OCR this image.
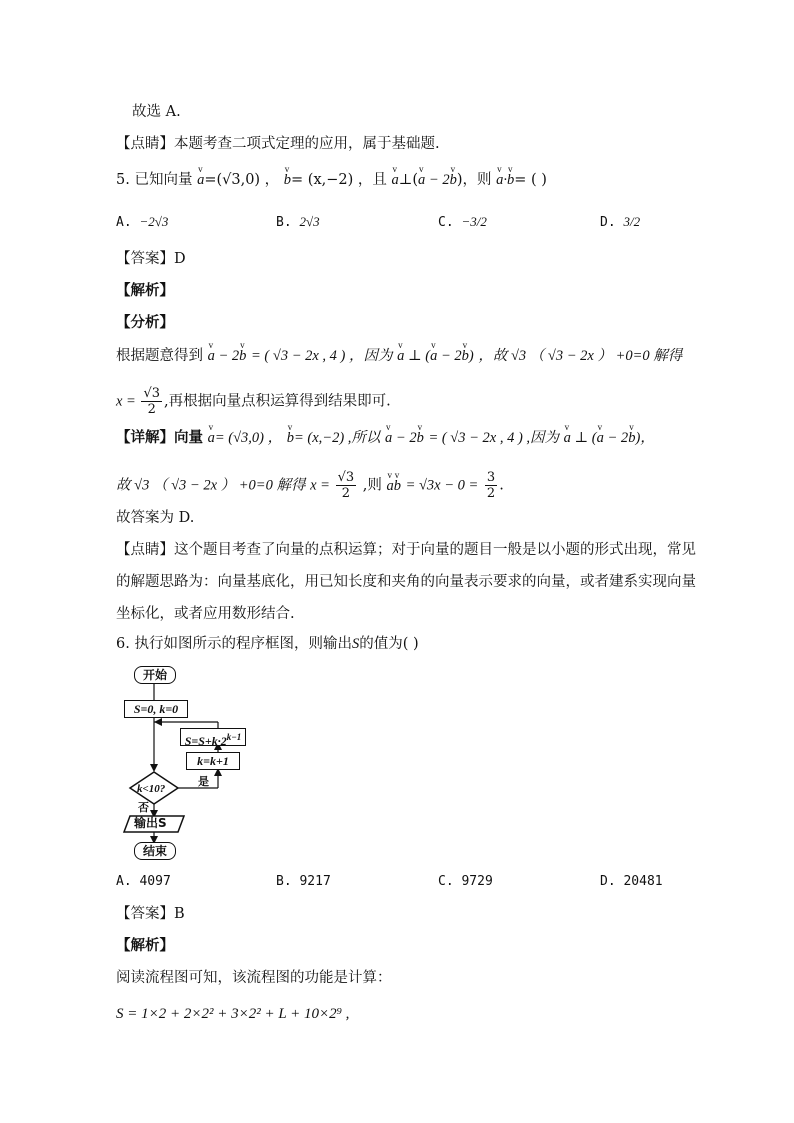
故选 A.
【点睛】本题考查二项式定理的应用，属于基础题.
5. 已知向量 v a=(√3,0) ， v b= (x,−2) ，且 v a⊥(v a − 2v b)，则 v a·v b= ( )
A. −2√3	B. 2√3	C. −3/2	D. 3/2
【答案】D
【解析】
【分析】
根据题意得到 v a − 2v b = ( √3 − 2x , 4 ) ，因为 v a ⊥ (v a − 2v b) ，故 √3 （ √3 − 2x ） +0=0 解得
$x = \frac{√3}{2}$ ,再根据向量点积运算得到结果即可.
【详解】向量 v a= (√3,0) ， v b= (x,−2) ,所以 v a − 2v b = ( √3 − 2x , 4 ) ,因为 v a ⊥ (v a − 2v b)，
故 √3 （ √3 − 2x ） +0=0 解得 $x = \frac{√3}{2}$ ,则 v av $b = √3x - 0 = \frac{3}{2}$ .
故答案为 D.
【点睛】这个题目考查了向量的点积运算；对于向量的题目一般是以小题的形式出现，常见
的解题思路为：向量基底化，用已知长度和夹角的向量表示要求的向量，或者建系实现向量
坐标化，或者应用数形结合.
6. 执行如图所示的程序框图，则输出S的值为( )
开始
S=0, k=0
$S=S+k\cdot 2^{k-1}$
k=k+1
k<10?
是
否
输出S
结束
A. 4097	B. 9217	C. 9729	D. 20481
【答案】B
【解析】
阅读流程图可知，该流程图的功能是计算：
S = 1×2 + 2×2² + 3×2² + L + 10×2⁹ ,
